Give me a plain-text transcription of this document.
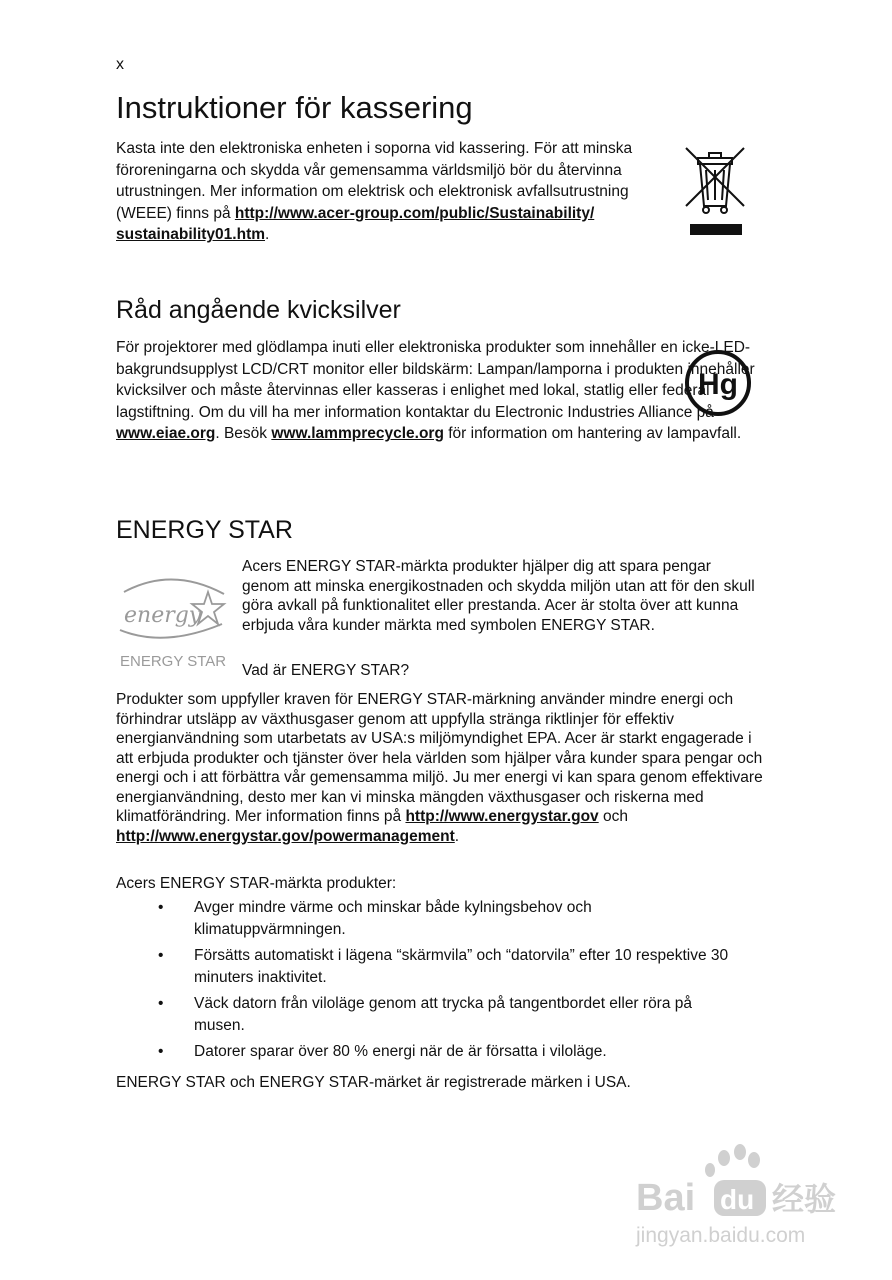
x
Instruktioner för kassering

Kasta inte den elektroniska enheten i soporna vid kassering. För att minska föroreningarna och skydda vår gemensamma världsmiljö bör du återvinna utrustningen. Mer information om elektrisk och elektronisk avfallsutrustning (WEEE) finns på http://www.acer-group.com/public/Sustainability/
sustainability01.htm.

Råd angående kvicksilver

För projektorer med glödlampa inuti eller elektroniska produkter som innehåller en icke-LED-bakgrundsupplyst LCD/CRT monitor eller bildskärm: Lampan/lamporna i produkten innehåller kvicksilver och måste återvinnas eller kasseras i enlighet med lokal, statlig eller federal lagstiftning. Om du vill ha mer information kontaktar du Electronic Industries Alliance på www.eiae.org. Besök www.lammprecycle.org för information om hantering av lampavfall.

Hg
ENERGY STAR
energy
ENERGY STAR

Acers ENERGY STAR-märkta produkter hjälper dig att spara pengar genom att minska energikostnaden och skydda miljön utan att för den skull göra avkall på funktionalitet eller prestanda. Acer är stolta över att kunna erbjuda våra kunder märkta med symbolen ENERGY STAR.

Vad är ENERGY STAR?

Produkter som uppfyller kraven för ENERGY STAR-märkning använder mindre energi och förhindrar utsläpp av växthusgaser genom att uppfylla stränga riktlinjer för effektiv energianvändning som utarbetats av USA:s miljömyndighet EPA. Acer är starkt engagerade i att erbjuda produkter och tjänster över hela världen som hjälper våra kunder spara pengar och energi och i att förbättra vår gemensamma miljö. Ju mer energi vi kan spara genom effektivare energianvändning, desto mer kan vi minska mängden växthusgaser och riskerna med klimatförändring. Mer information finns på http://www.energystar.gov och http://www.energystar.gov/powermanagement.

Acers ENERGY STAR-märkta produkter:

• Avger mindre värme och minskar både kylningsbehov och klimatuppvärmningen.
• Försätts automatiskt i lägena “skärmvila” och “datorvila” efter 10 respektive 30 minuters inaktivitet.
• Väck datorn från viloläge genom att trycka på tangentbordet eller röra på musen.
• Datorer sparar över 80 % energi när de är försatta i viloläge.

ENERGY STAR och ENERGY STAR-märket är registrerade märken i USA.

Bai du 经验
jingyan.baidu.com
